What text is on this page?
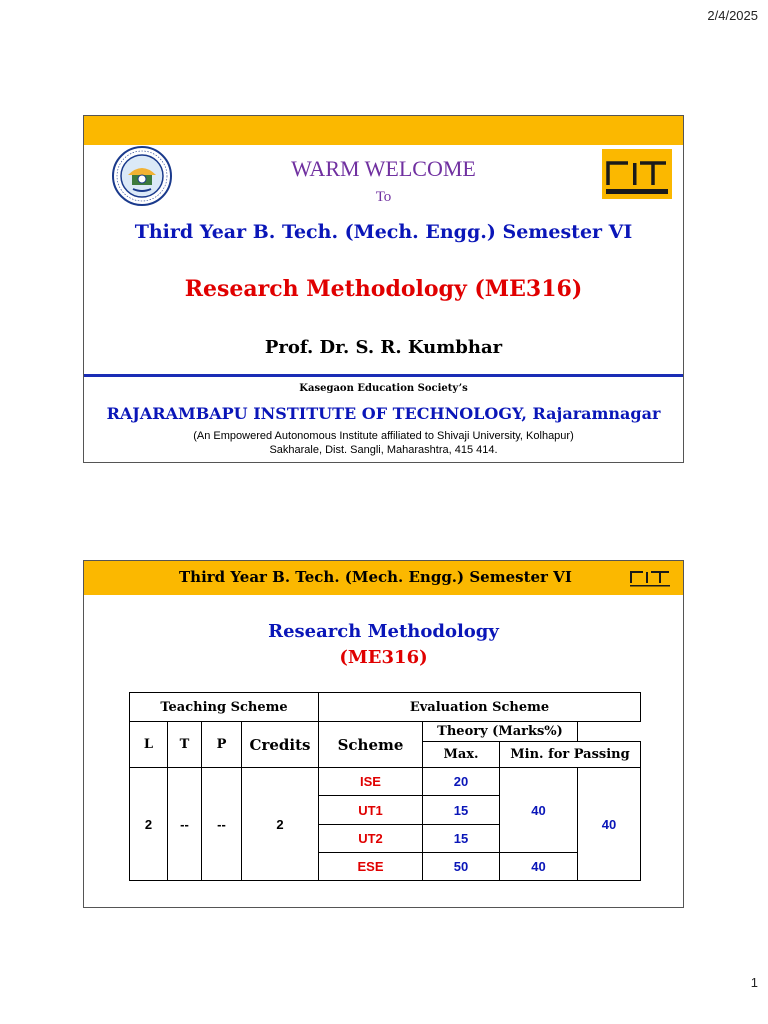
2/4/2025
WARM WELCOME
To
Third Year B. Tech. (Mech. Engg.) Semester VI
Research Methodology (ME316)
Prof. Dr. S. R. Kumbhar
Kasegaon Education Society’s
RAJARAMBAPU INSTITUTE OF TECHNOLOGY, Rajaramnagar
(An Empowered Autonomous Institute affiliated to Shivaji University, Kolhapur)
Sakharale, Dist. Sangli, Maharashtra, 415 414.
Third Year B. Tech. (Mech. Engg.) Semester VI
Research Methodology
(ME316)
Teaching Scheme				Evaluation Scheme			
L	T	P	Credits	Scheme	Theory (Marks%)		
					Max.	Min. for Passing	
2	--	--	2	ISE	20	40	40
				UT1	15		
				UT2	15		
				ESE	50	40	
1
